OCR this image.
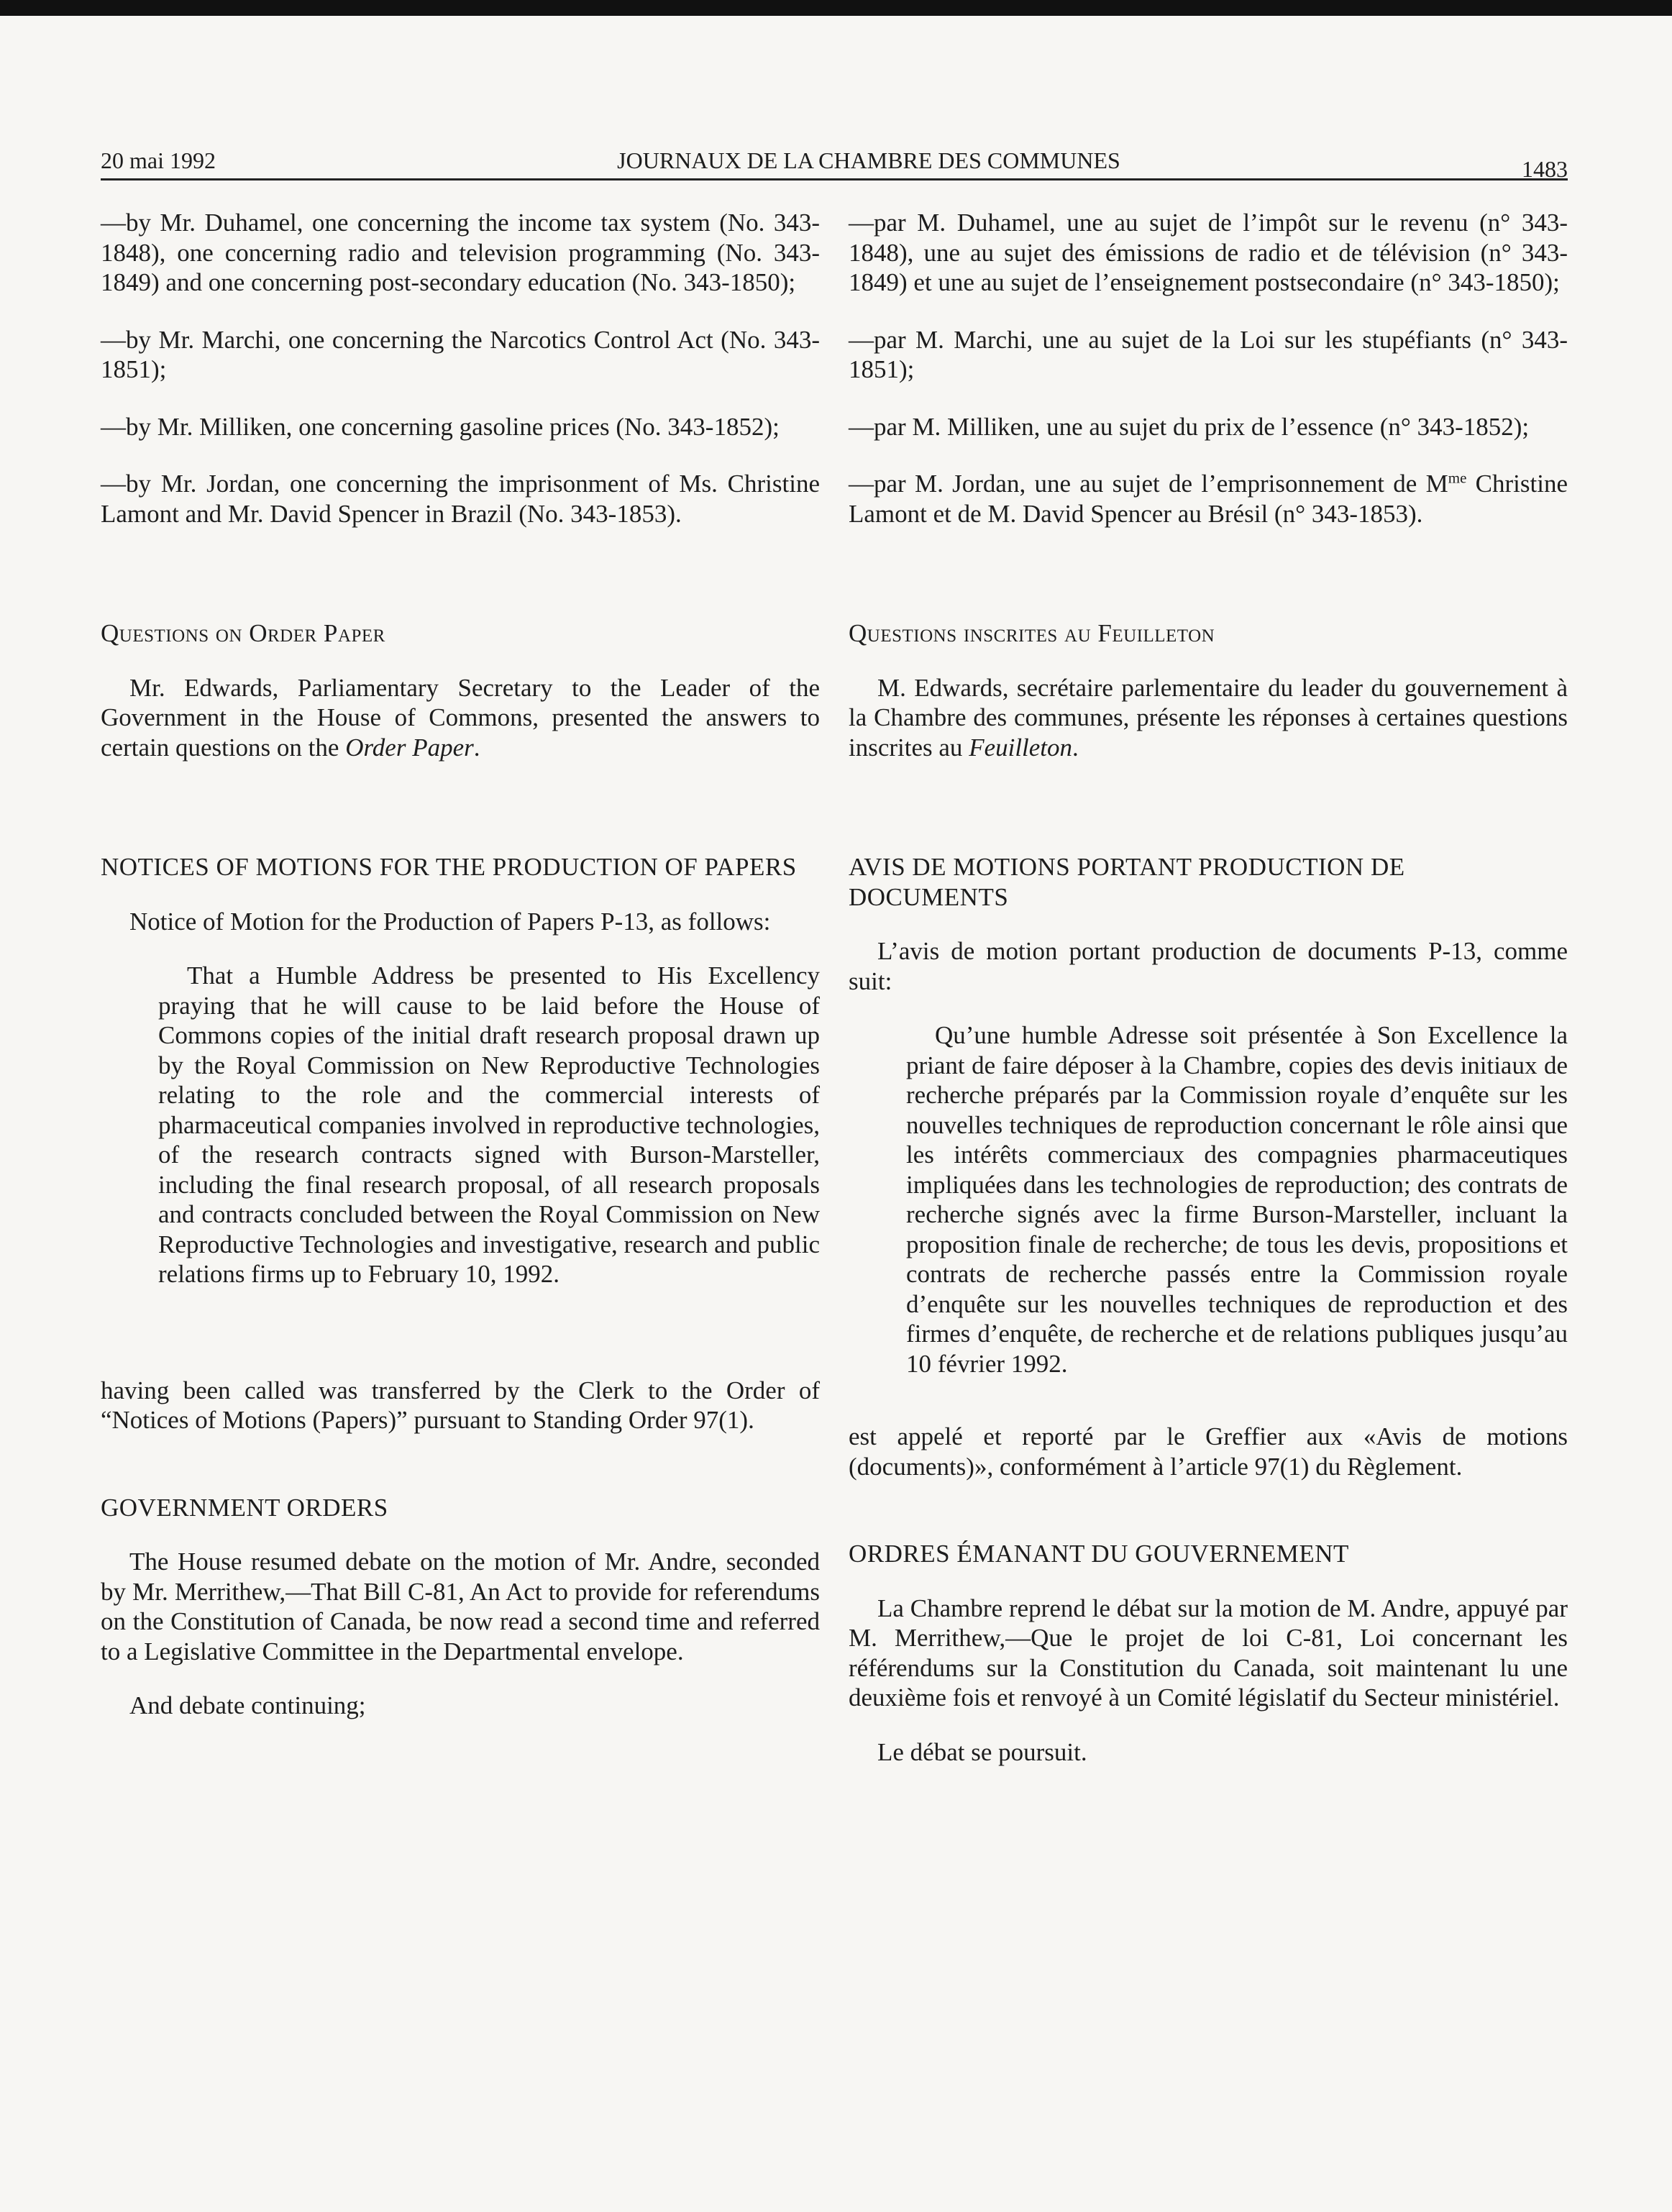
20 mai 1992	JOURNAUX DE LA CHAMBRE DES COMMUNES	1483

—by Mr. Duhamel, one concerning the income tax system (No. 343-1848), one concerning radio and television programming (No. 343-1849) and one concerning post-secondary education (No. 343-1850);

—by Mr. Marchi, one concerning the Narcotics Control Act (No. 343-1851);

—by Mr. Milliken, one concerning gasoline prices (No. 343-1852);

—by Mr. Jordan, one concerning the imprisonment of Ms. Christine Lamont and Mr. David Spencer in Brazil (No. 343-1853).

Questions on Order Paper

Mr. Edwards, Parliamentary Secretary to the Leader of the Government in the House of Commons, presented the answers to certain questions on the Order Paper.

NOTICES OF MOTIONS FOR THE PRODUCTION OF PAPERS

Notice of Motion for the Production of Papers P-13, as follows:

That a Humble Address be presented to His Excellency praying that he will cause to be laid before the House of Commons copies of the initial draft research proposal drawn up by the Royal Commission on New Reproductive Technologies relating to the role and the commercial interests of pharmaceutical companies involved in reproductive technologies, of the research contracts signed with Burson-Marsteller, including the final research proposal, of all research proposals and contracts concluded between the Royal Commission on New Reproductive Technologies and investigative, research and public relations firms up to February 10, 1992.

having been called was transferred by the Clerk to the Order of “Notices of Motions (Papers)” pursuant to Standing Order 97(1).

GOVERNMENT ORDERS

The House resumed debate on the motion of Mr. Andre, seconded by Mr. Merrithew,—That Bill C-81, An Act to provide for referendums on the Constitution of Canada, be now read a second time and referred to a Legislative Committee in the Departmental envelope.

And debate continuing;

—par M. Duhamel, une au sujet de l’impôt sur le revenu (n° 343-1848), une au sujet des émissions de radio et de télévision (n° 343-1849) et une au sujet de l’enseignement postsecondaire (n° 343-1850);

—par M. Marchi, une au sujet de la Loi sur les stupéfiants (n° 343-1851);

—par M. Milliken, une au sujet du prix de l’essence (n° 343-1852);

—par M. Jordan, une au sujet de l’emprisonnement de $M^{me}$ Christine Lamont et de M. David Spencer au Brésil (n° 343-1853).

Questions inscrites au Feuilleton

M. Edwards, secrétaire parlementaire du leader du gouvernement à la Chambre des communes, présente les réponses à certaines questions inscrites au Feuilleton.

AVIS DE MOTIONS PORTANT PRODUCTION DE DOCUMENTS

L’avis de motion portant production de documents P-13, comme suit:

Qu’une humble Adresse soit présentée à Son Excellence la priant de faire déposer à la Chambre, copies des devis initiaux de recherche préparés par la Commission royale d’enquête sur les nouvelles techniques de reproduction concernant le rôle ainsi que les intérêts commerciaux des compagnies pharmaceutiques impliquées dans les technologies de reproduction; des contrats de recherche signés avec la firme Burson-Marsteller, incluant la proposition finale de recherche; de tous les devis, propositions et contrats de recherche passés entre la Commission royale d’enquête sur les nouvelles techniques de reproduction et des firmes d’enquête, de recherche et de relations publiques jusqu’au 10 février 1992.

est appelé et reporté par le Greffier aux «Avis de motions (documents)», conformément à l’article 97(1) du Règlement.

ORDRES ÉMANANT DU GOUVERNEMENT

La Chambre reprend le débat sur la motion de M. Andre, appuyé par M. Merrithew,—Que le projet de loi C-81, Loi concernant les référendums sur la Constitution du Canada, soit maintenant lu une deuxième fois et renvoyé à un Comité législatif du Secteur ministériel.

Le débat se poursuit.
